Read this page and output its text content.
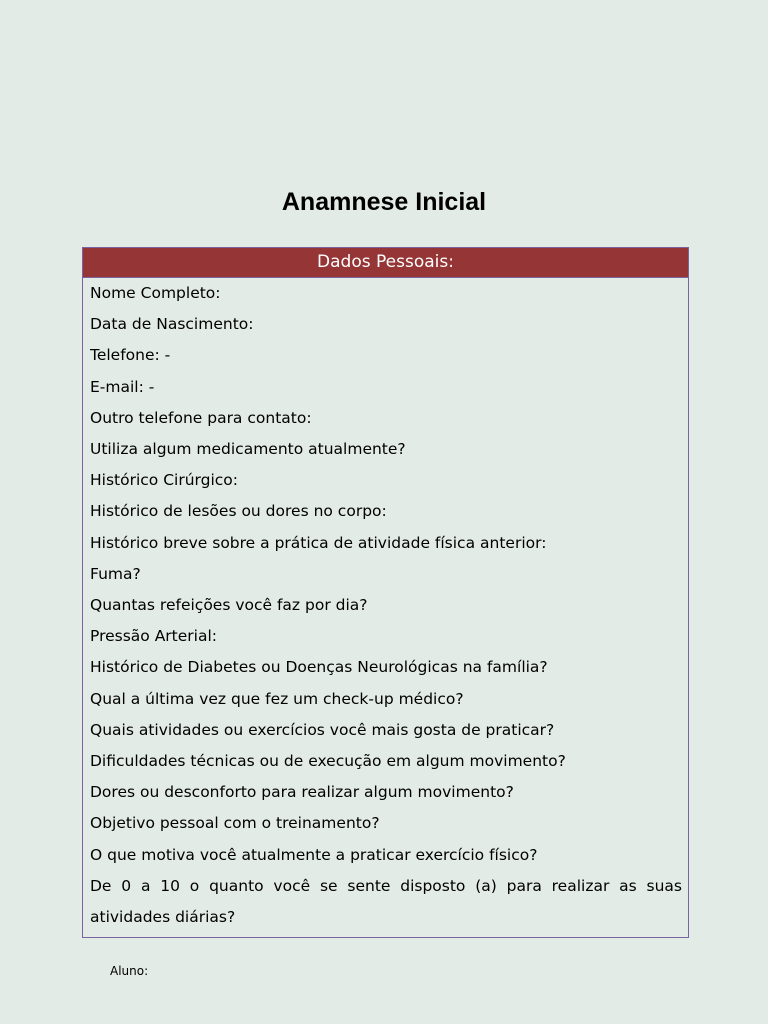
Anamnese Inicial
Dados Pessoais:
Nome Completo:
Data de Nascimento:
Telefone: -
E-mail: -
Outro telefone para contato:
Utiliza algum medicamento atualmente?
Histórico Cirúrgico:
Histórico de lesões ou dores no corpo:
Histórico breve sobre a prática de atividade física anterior:
Fuma?
Quantas refeições você faz por dia?
Pressão Arterial:
Histórico de Diabetes ou Doenças Neurológicas na família?
Qual a última vez que fez um check-up médico?
Quais atividades ou exercícios você mais gosta de praticar?
Dificuldades técnicas ou de execução em algum movimento?
Dores ou desconforto para realizar algum movimento?
Objetivo pessoal com o treinamento?
O que motiva você atualmente a praticar exercício físico?
De 0 a 10 o quanto você se sente disposto (a) para realizar as suas atividades diárias?
Aluno:
